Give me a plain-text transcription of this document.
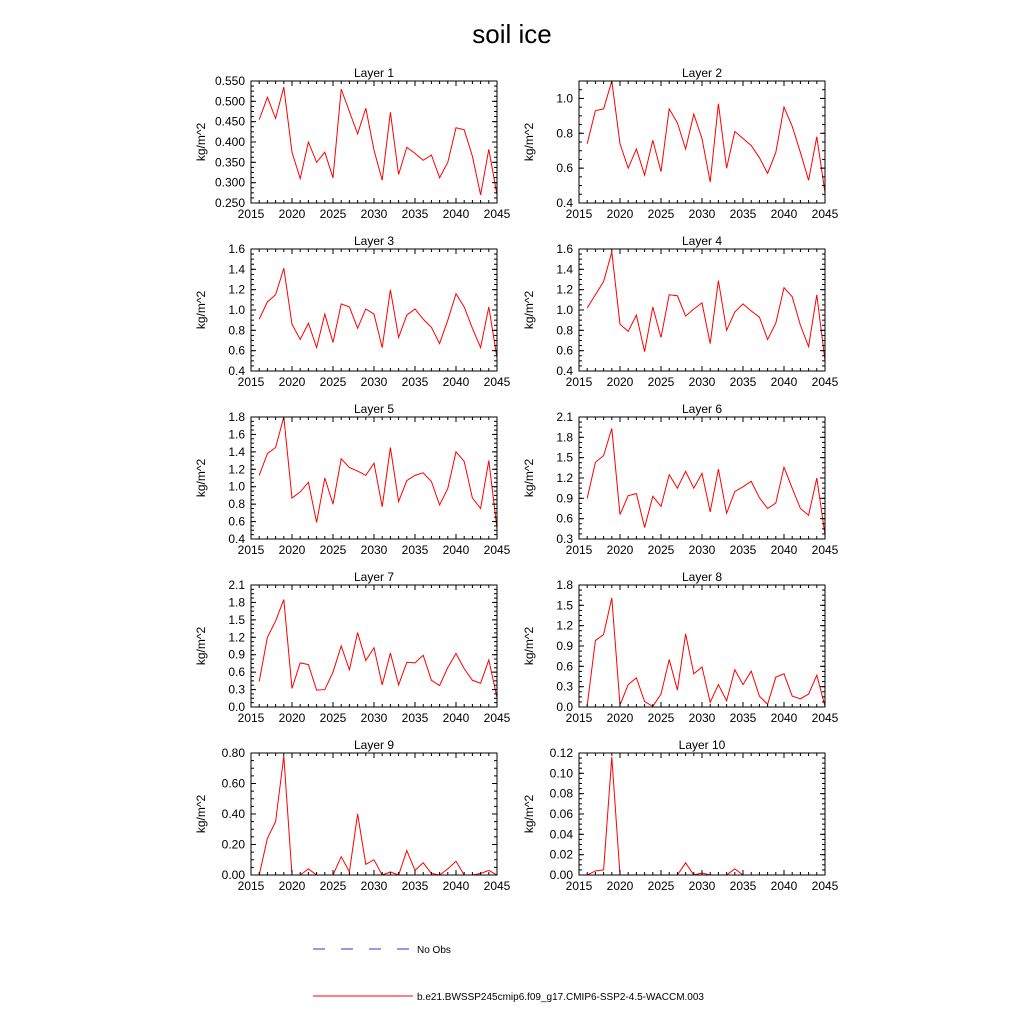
soil ice
Layer 1
kg/m^2
2015 2020 2025 2030 2035 2040 2045
0.250
0.300
0.350
0.400
0.450
0.500
0.550
Layer 2
kg/m^2
2015 2020 2025 2030 2035 2040 2045
0.4
0.6
0.8
1.0
Layer 3
kg/m^2
2015 2020 2025 2030 2035 2040 2045
0.4
0.6
0.8
1.0
1.2
1.4
1.6
Layer 4
kg/m^2
2015 2020 2025 2030 2035 2040 2045
0.4
0.6
0.8
1.0
1.2
1.4
1.6
Layer 5
kg/m^2
2015 2020 2025 2030 2035 2040 2045
0.4
0.6
0.8
1.0
1.2
1.4
1.6
1.8
Layer 6
kg/m^2
2015 2020 2025 2030 2035 2040 2045
0.3
0.6
0.9
1.2
1.5
1.8
2.1
Layer 7
kg/m^2
2015 2020 2025 2030 2035 2040 2045
0.0
0.3
0.6
0.9
1.2
1.5
1.8
2.1
Layer 8
kg/m^2
2015 2020 2025 2030 2035 2040 2045
0.0
0.3
0.6
0.9
1.2
1.5
1.8
Layer 9
kg/m^2
2015 2020 2025 2030 2035 2040 2045
0.00
0.20
0.40
0.60
0.80
Layer 10
kg/m^2
2015 2020 2025 2030 2035 2040 2045
0.00
0.02
0.04
0.06
0.08
0.10
0.12
No Obs
b.e21.BWSSP245cmip6.f09_g17.CMIP6-SSP2-4.5-WACCM.003
